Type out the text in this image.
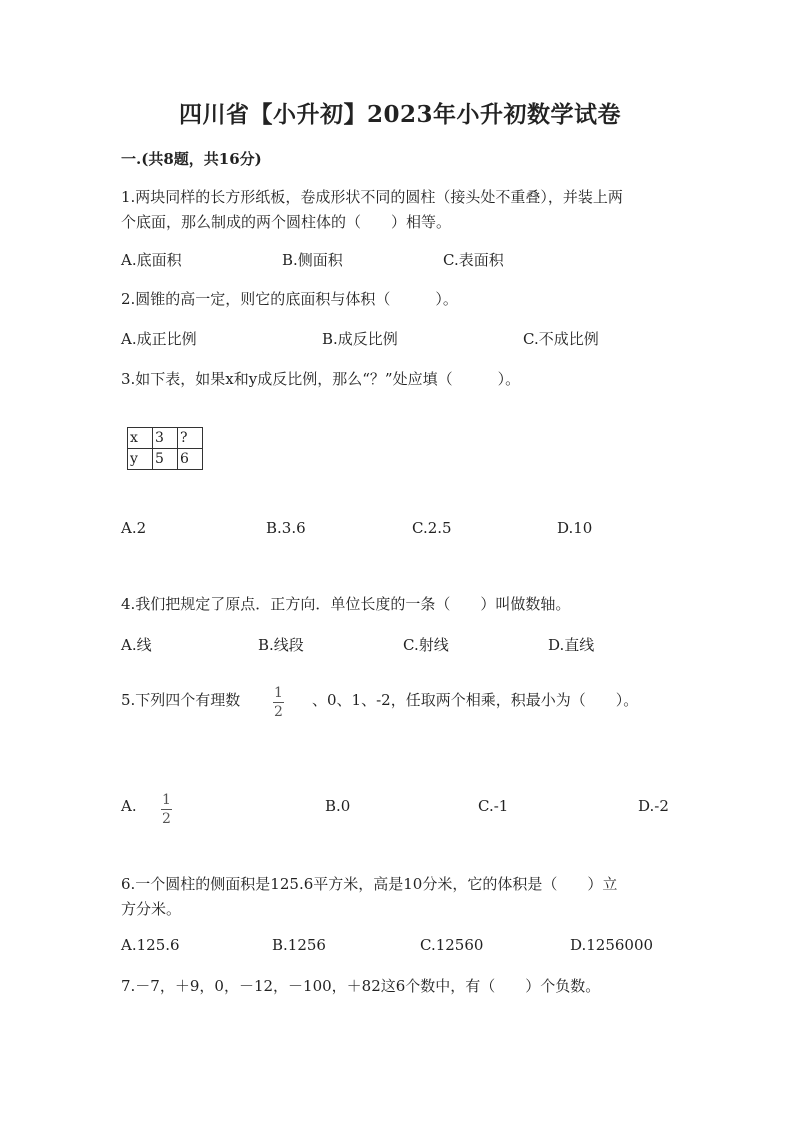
四川省【小升初】2023年小升初数学试卷
一.(共8题，共16分)
1.两块同样的长方形纸板，卷成形状不同的圆柱（接头处不重叠），并装上两
个底面，那么制成的两个圆柱体的（　　）相等。
A.底面积	B.侧面积	C.表面积
2.圆锥的高一定，则它的底面积与体积（　　　）。
A.成正比例	B.成反比例	C.不成比例
3.如下表，如果x和y成反比例，那么“？”处应填（　　　）。
x	3	?
y	5	6
A.2	B.3.6	C.2.5	D.10
4.我们把规定了原点．正方向．单位长度的一条（　　）叫做数轴。
A.线	B.线段	C.射线	D.直线
5.下列四个有理数 $\frac{1}{2}$ 、0、1、-2，任取两个相乘，积最小为（　　）。
A. $\frac{1}{2}$	B.0	C.-1	D.-2
6.一个圆柱的侧面积是125.6平方米，高是10分米，它的体积是（　　）立
方分米。
A.125.6	B.1256	C.12560	D.1256000
7.－7，＋9，0，－12，－100，＋82这6个数中，有（　　）个负数。
